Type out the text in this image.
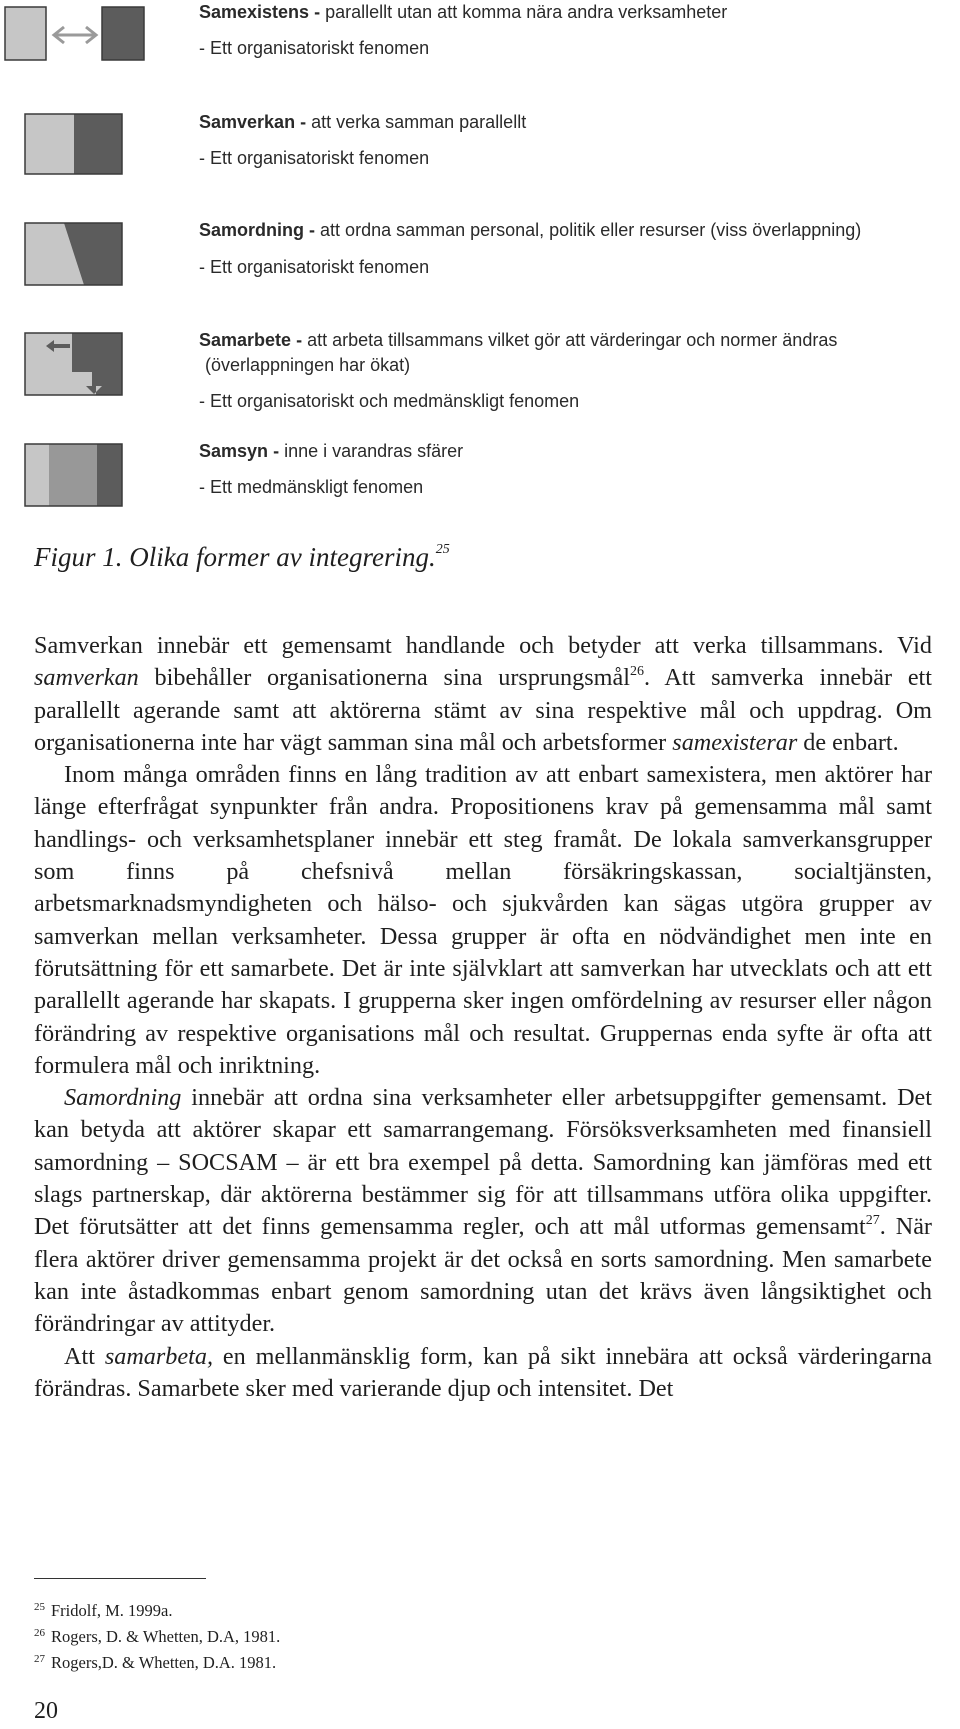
Samexistens - parallellt utan att komma nära andra verksamheter
- Ett organisatoriskt fenomen
Samverkan - att verka samman parallellt
- Ett organisatoriskt fenomen
Samordning - att ordna samman personal, politik eller resurser (viss överlappning)
- Ett organisatoriskt fenomen
Samarbete - att arbeta tillsammans vilket gör att värderingar och normer ändras
(överlappningen har ökat)
- Ett organisatoriskt och medmänskligt fenomen
Samsyn - inne i varandras sfärer
- Ett medmänskligt fenomen
Figur 1. Olika former av integrering.$^{25}$

Samverkan innebär ett gemensamt handlande och betyder att verka tillsammans. Vid samverkan bibehåller organisationerna sina ursprungsmål$^{26}$. Att samverka innebär ett parallellt agerande samt att aktörerna stämt av sina respektive mål och uppdrag. Om organisationerna inte har vägt samman sina mål och arbetsformer samexisterar de enbart.

Inom många områden finns en lång tradition av att enbart samexistera, men aktörer har länge efterfrågat synpunkter från andra. Propositionens krav på gemensamma mål samt handlings- och verksamhetsplaner innebär ett steg framåt. De lokala samverkansgrupper som finns på chefsnivå mellan försäkringskassan, socialtjänsten, arbetsmarknadsmyndigheten och hälso- och sjukvården kan sägas utgöra grupper av samverkan mellan verksamheter. Dessa grupper är ofta en nödvändighet men inte en förutsättning för ett samarbete. Det är inte självklart att samverkan har utvecklats och att ett parallellt agerande har skapats. I grupperna sker ingen omfördelning av resurser eller någon förändring av respektive organisations mål och resultat. Gruppernas enda syfte är ofta att formulera mål och inriktning.

Samordning innebär att ordna sina verksamheter eller arbetsuppgifter gemensamt. Det kan betyda att aktörer skapar ett samarrangemang. Försöksverksamheten med finansiell samordning – SOCSAM – är ett bra exempel på detta. Samordning kan jämföras med ett slags partnerskap, där aktörerna bestämmer sig för att tillsammans utföra olika uppgifter. Det förutsätter att det finns gemensamma regler, och att mål utformas gemensamt$^{27}$. När flera aktörer driver gemensamma projekt är det också en sorts samordning. Men samarbete kan inte åstadkommas enbart genom samordning utan det krävs även långsiktighet och förändringar av attityder.

Att samarbeta, en mellanmänsklig form, kan på sikt innebära att också värderingarna förändras. Samarbete sker med varierande djup och intensitet. Det

$^{25}$ Fridolf, M. 1999a.
$^{26}$ Rogers, D. & Whetten, D.A, 1981.
$^{27}$ Rogers,D. & Whetten, D.A. 1981.
20
